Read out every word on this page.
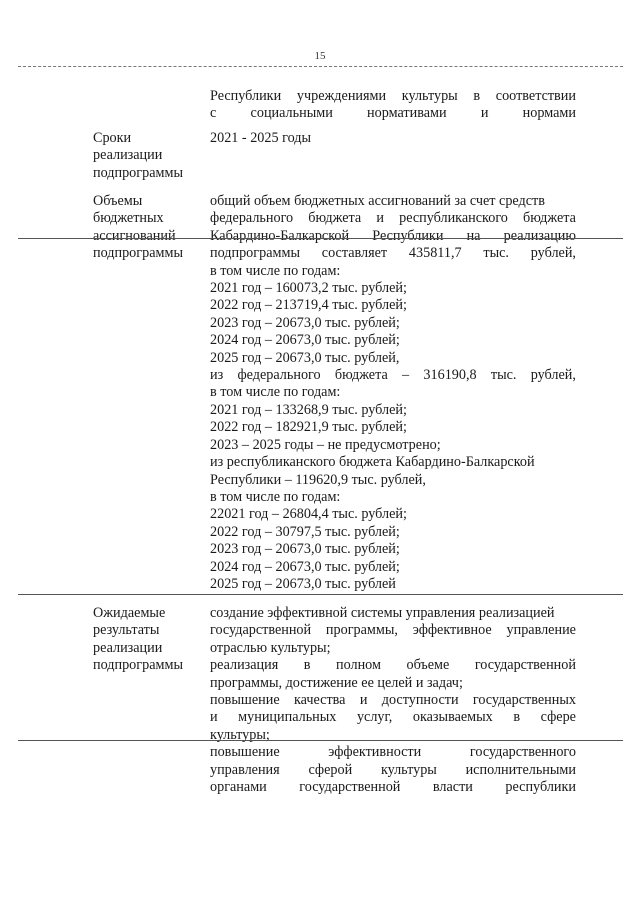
15
Республики учреждениями культуры в соответствии
с социальными нормативами и нормами
Сроки
реализации
подпрограммы
2021 - 2025 годы
Объемы
бюджетных
ассигнований
подпрограммы
общий объем бюджетных ассигнований за счет средств
федерального бюджета и республиканского бюджета
Кабардино-Балкарской Республики на реализацию
подпрограммы составляет 435811,7 тыс. рублей,
в том числе по годам:
2021 год – 160073,2 тыс. рублей;
2022 год – 213719,4 тыс. рублей;
2023 год – 20673,0 тыс. рублей;
2024 год – 20673,0 тыс. рублей;
2025 год – 20673,0 тыс. рублей,
из федерального бюджета – 316190,8 тыс. рублей,
в том числе по годам:
2021 год – 133268,9 тыс. рублей;
2022 год – 182921,9 тыс. рублей;
2023 – 2025 годы – не предусмотрено;
из республиканского бюджета Кабардино-Балкарской
Республики – 119620,9 тыс. рублей,
в том числе по годам:
22021 год – 26804,4 тыс. рублей;
2022 год – 30797,5 тыс. рублей;
2023 год – 20673,0 тыс. рублей;
2024 год – 20673,0 тыс. рублей;
2025 год – 20673,0 тыс. рублей
Ожидаемые
результаты
реализации
подпрограммы
создание эффективной системы управления реализацией
государственной программы, эффективное управление
отраслью культуры;
реализация в полном объеме государственной
программы, достижение ее целей и задач;
повышение качества и доступности государственных
и муниципальных услуг, оказываемых в сфере
культуры;
повышение	эффективности	государственного
управления сферой культуры исполнительными
органами государственной власти республики
